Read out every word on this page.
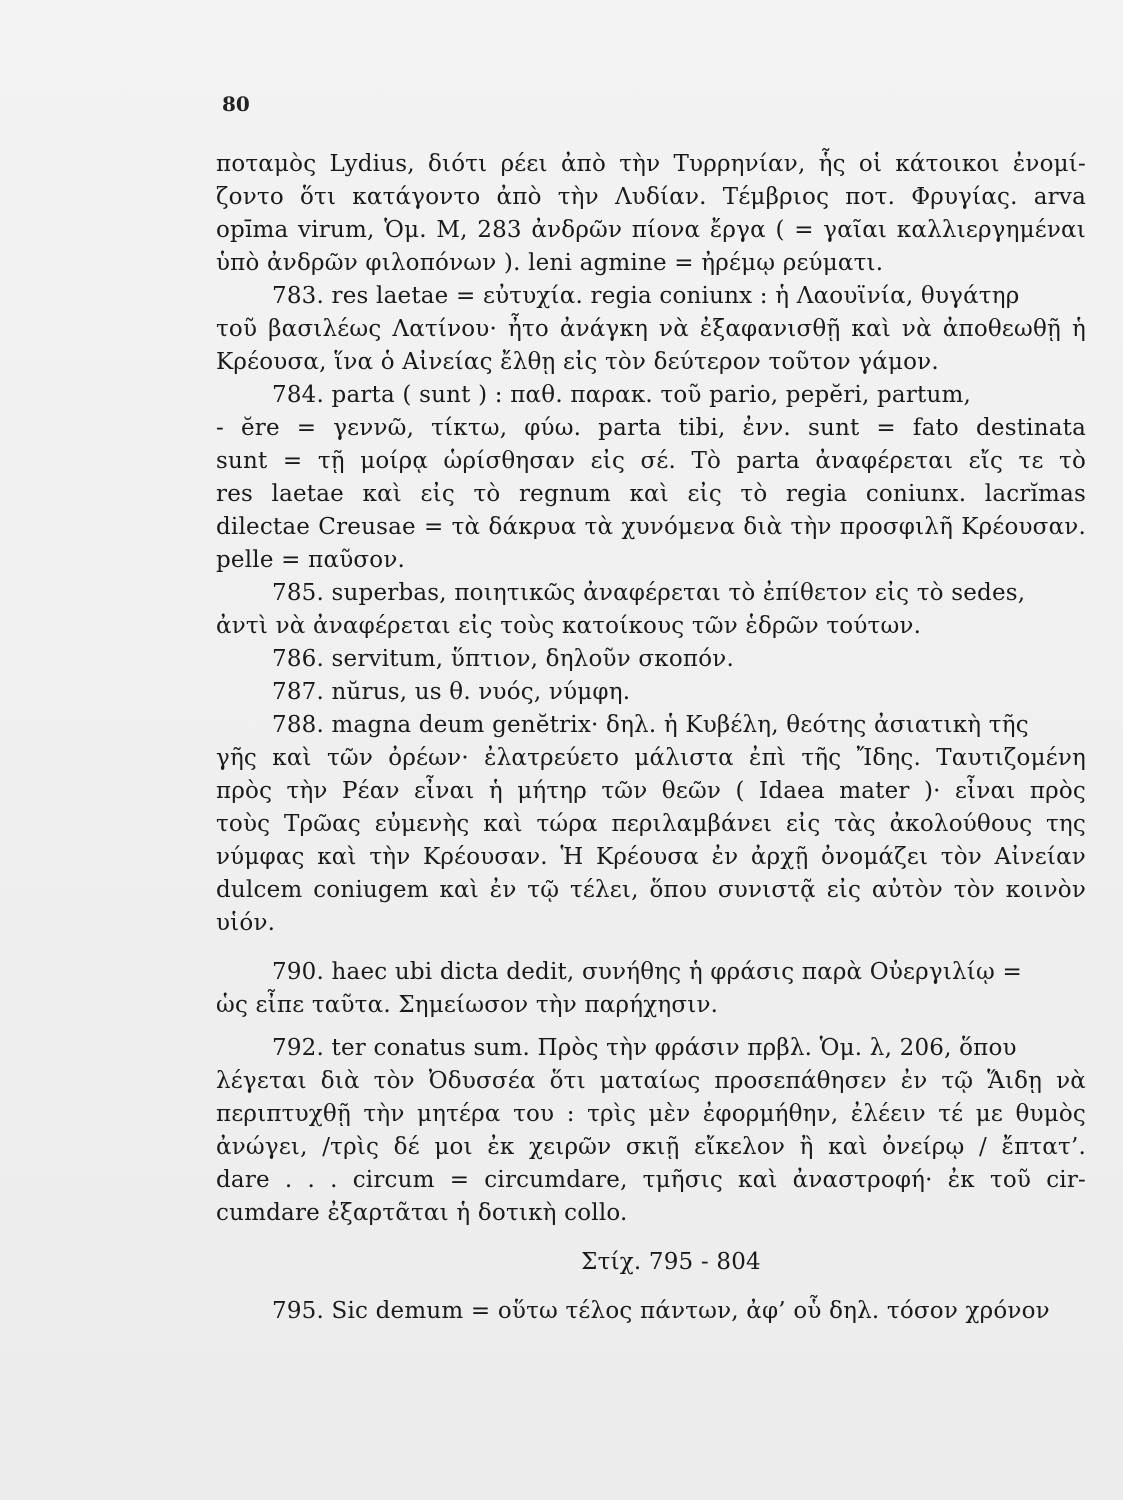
80
ποταμὸς Lydius, διότι ρέει ἀπὸ τὴν Τυρρηνίαν, ἧς οἱ κάτοικοι ἐνομί-
ζοντο ὅτι κατάγοντο ἀπὸ τὴν Λυδίαν. Τέμβριος ποτ. Φρυγίας. arva
opīma virum, Ὁμ. Μ, 283 ἀνδρῶν πίονα ἔργα ( = γαῖαι καλλιεργημέναι
ὑπὸ ἀνδρῶν φιλοπόνων ). leni agmine = ἠρέμῳ ρεύματι.
783. res laetae = εὐτυχία. regia coniunx : ἡ Λαουϊνία, θυγάτηρ
τοῦ βασιλέως Λατίνου· ἦτο ἀνάγκη νὰ ἐξαφανισθῇ καὶ νὰ ἀποθεωθῇ ἡ
Κρέουσα, ἵνα ὁ Αἰνείας ἔλθῃ εἰς τὸν δεύτερον τοῦτον γάμον.
784. parta ( sunt ) : παθ. παρακ. τοῦ pario, pepĕri, partum,
- ĕre = γεννῶ, τίκτω, φύω. parta tibi, ἐνν. sunt = fato destinata
sunt = τῇ μοίρᾳ ὡρίσθησαν εἰς σέ. Τὸ parta ἀναφέρεται εἴς τε τὸ
res laetae καὶ εἰς τὸ regnum καὶ εἰς τὸ regia coniunx. lacrĭmas
dilectae Creusae = τὰ δάκρυα τὰ χυνόμενα διὰ τὴν προσφιλῆ Κρέουσαν.
pelle = παῦσον.
785. superbas, ποιητικῶς ἀναφέρεται τὸ ἐπίθετον εἰς τὸ sedes,
ἀντὶ νὰ ἀναφέρεται εἰς τοὺς κατοίκους τῶν ἑδρῶν τούτων.
786. servitum, ὕπτιον, δηλοῦν σκοπόν.
787. nŭrus, us θ. νυός, νύμφη.
788. magna deum genĕtrix· δηλ. ἡ Κυβέλη, θεότης ἀσιατικὴ τῆς
γῆς καὶ τῶν ὀρέων· ἐλατρεύετο μάλιστα ἐπὶ τῆς Ἴδης. Ταυτιζομένη
πρὸς τὴν Ρέαν εἶναι ἡ μήτηρ τῶν θεῶν ( Idaea mater )· εἶναι πρὸς
τοὺς Τρῶας εὐμενὴς καὶ τώρα περιλαμβάνει εἰς τὰς ἀκολούθους της
νύμφας καὶ τὴν Κρέουσαν. Ἡ Κρέουσα ἐν ἀρχῇ ὀνομάζει τὸν Αἰνείαν
dulcem coniugem καὶ ἐν τῷ τέλει, ὅπου συνιστᾷ εἰς αὐτὸν τὸν κοινὸν
υἱόν.
790. haec ubi dicta dedit, συνήθης ἡ φράσις παρὰ Οὐεργιλίῳ =
ὡς εἶπε ταῦτα. Σημείωσον τὴν παρήχησιν.
792. ter conatus sum. Πρὸς τὴν φράσιν πρβλ. Ὁμ. λ, 206, ὅπου
λέγεται διὰ τὸν Ὀδυσσέα ὅτι ματαίως προσεπάθησεν ἐν τῷ Ἅιδῃ νὰ
περιπτυχθῇ τὴν μητέρα του : τρὶς μὲν ἐφορμήθην, ἐλέειν τέ με θυμὸς
ἀνώγει, /τρὶς δέ μοι ἐκ χειρῶν σκιῇ εἴκελον ἢ καὶ ὀνείρῳ / ἔπτατ’.
dare . . . circum = circumdare, τμῆσις καὶ ἀναστροφή· ἐκ τοῦ cir-
cumdare ἐξαρτᾶται ἡ δοτικὴ collo.
Στίχ. 795 - 804
795. Sic demum = οὕτω τέλος πάντων, ἀφ’ οὗ δηλ. τόσον χρόνον
